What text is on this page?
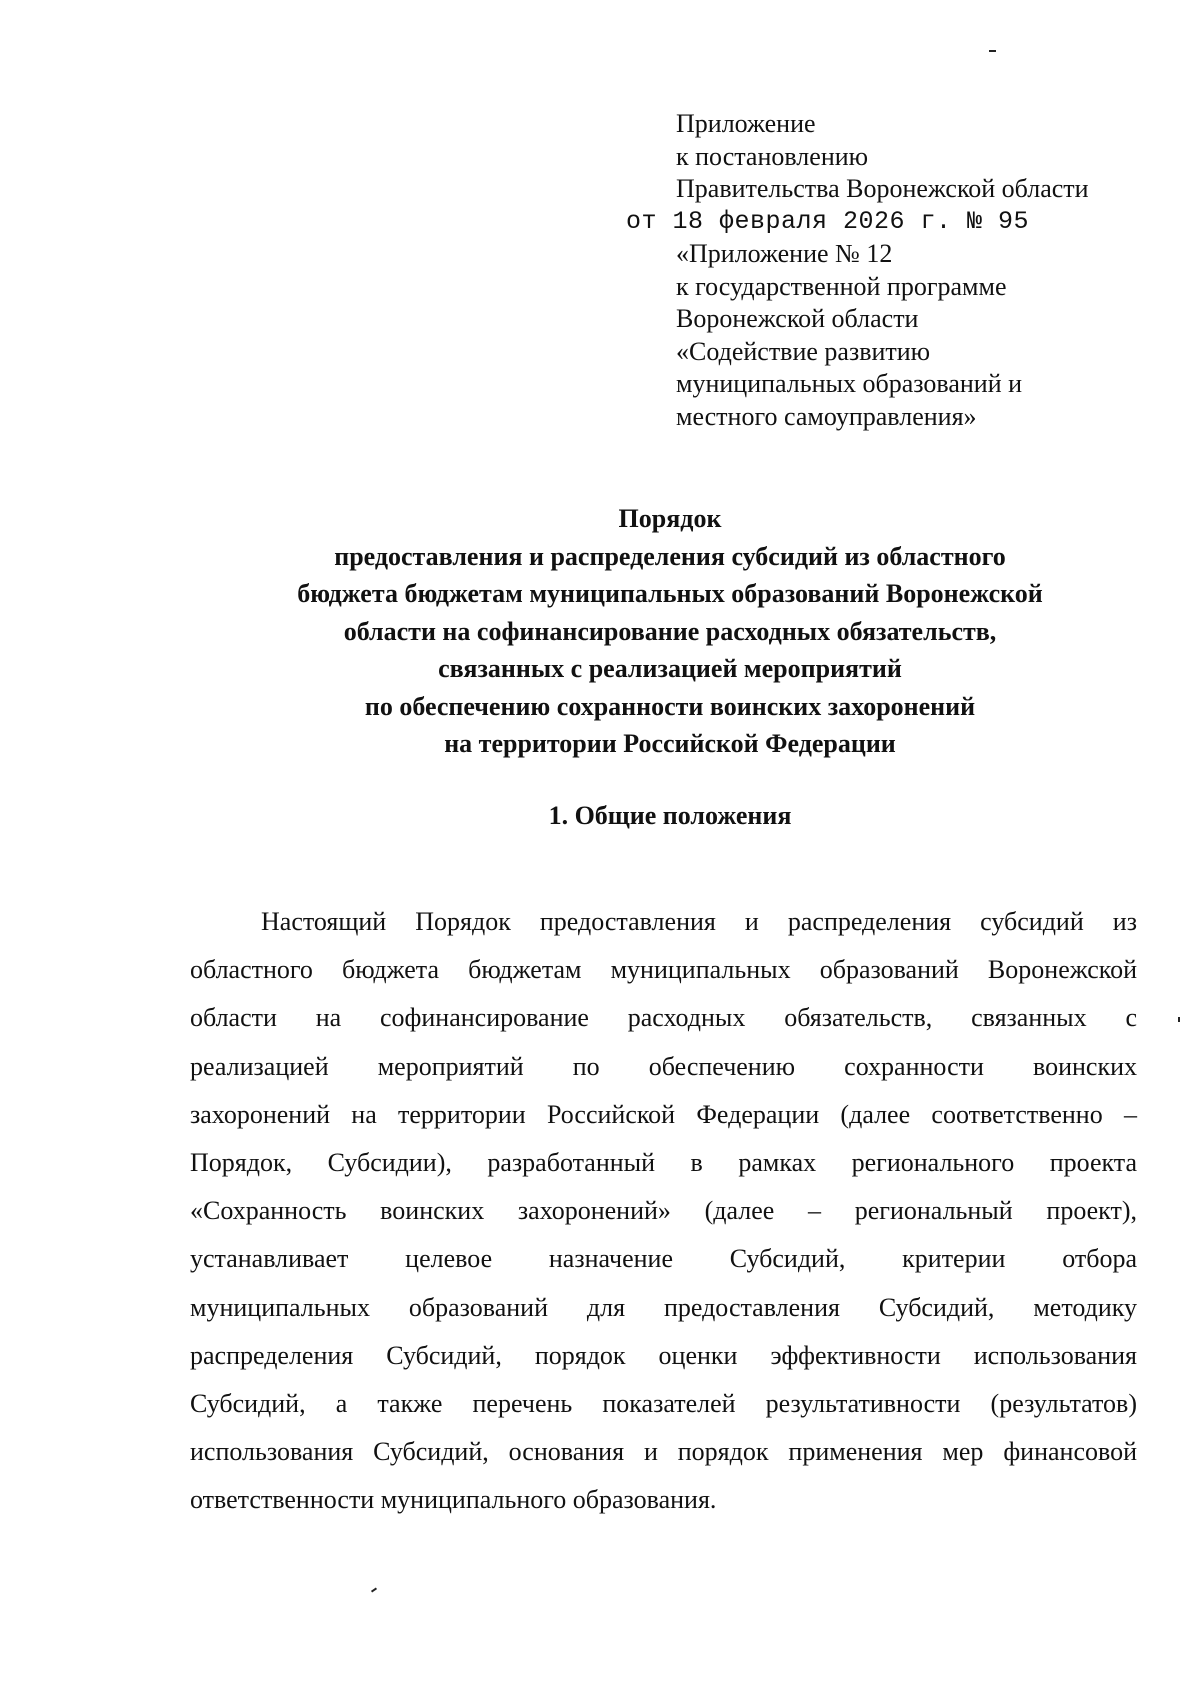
Приложение
к постановлению
Правительства Воронежской области
от 18 февраля 2026 г. № 95
«Приложение № 12
к государственной программе
Воронежской области
«Содействие развитию
муниципальных образований и
местного самоуправления»
Порядок
предоставления и распределения субсидий из областного
бюджета бюджетам муниципальных образований Воронежской
области на софинансирование расходных обязательств,
связанных с реализацией мероприятий
по обеспечению сохранности воинских захоронений
на территории Российской Федерации
1. Общие положения
Настоящий Порядок предоставления и распределения субсидий из
областного бюджета бюджетам муниципальных образований Воронежской
области на софинансирование расходных обязательств, связанных с
реализацией мероприятий по обеспечению сохранности воинских
захоронений на территории Российской Федерации (далее соответственно –
Порядок, Субсидии), разработанный в рамках регионального проекта
«Сохранность воинских захоронений» (далее – региональный проект),
устанавливает целевое назначение Субсидий, критерии отбора
муниципальных образований для предоставления Субсидий, методику
распределения Субсидий, порядок оценки эффективности использования
Субсидий, а также перечень показателей результативности (результатов)
использования Субсидий, основания и порядок применения мер финансовой
ответственности муниципального образования.
